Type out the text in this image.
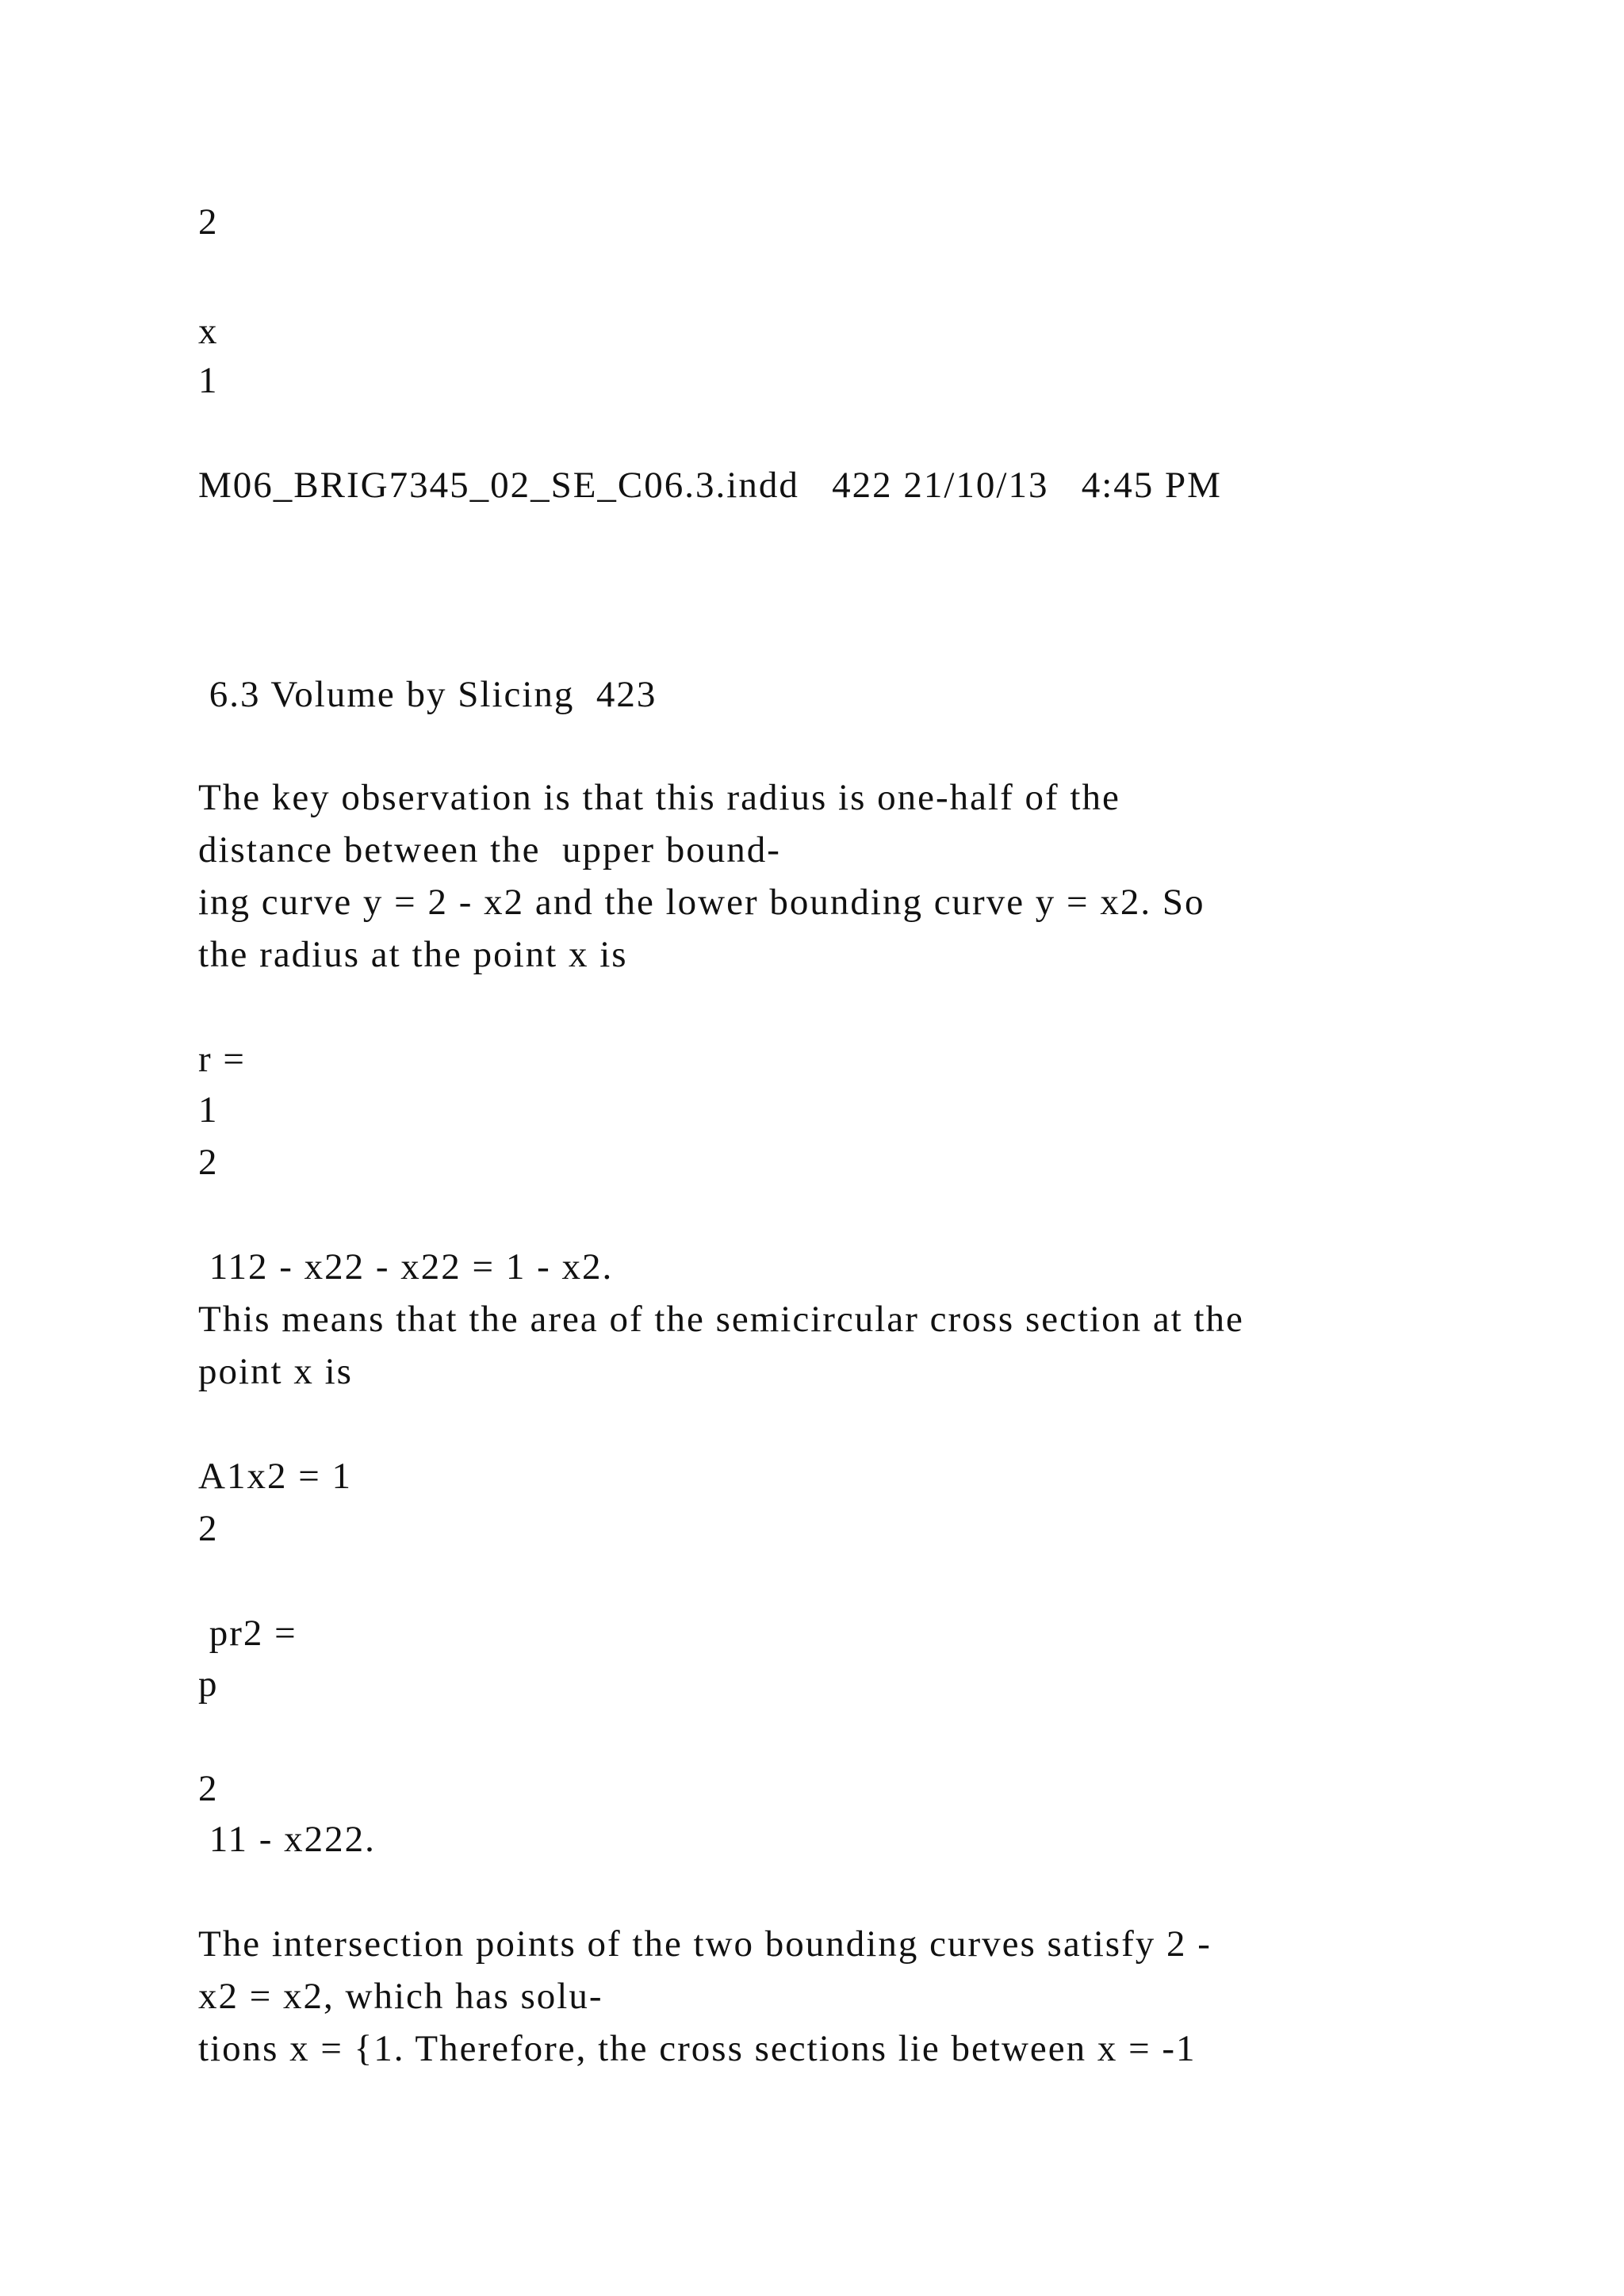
2

x

1

M06_BRIG7345_02_SE_C06.3.indd   422 21/10/13   4:45 PM

6.3 Volume by Slicing  423

The key observation is that this radius is one-half of the

distance between the  upper bound-

ing curve y = 2 - x2 and the lower bounding curve y = x2. So

the radius at the point x is

r =

1

2

112 - x22 - x22 = 1 - x2.

This means that the area of the semicircular cross section at the

point x is

A1x2 = 1

2

pr2 =

p

2

11 - x222.

The intersection points of the two bounding curves satisfy 2 -

x2 = x2, which has solu-

tions x = {1. Therefore, the cross sections lie between x = -1
